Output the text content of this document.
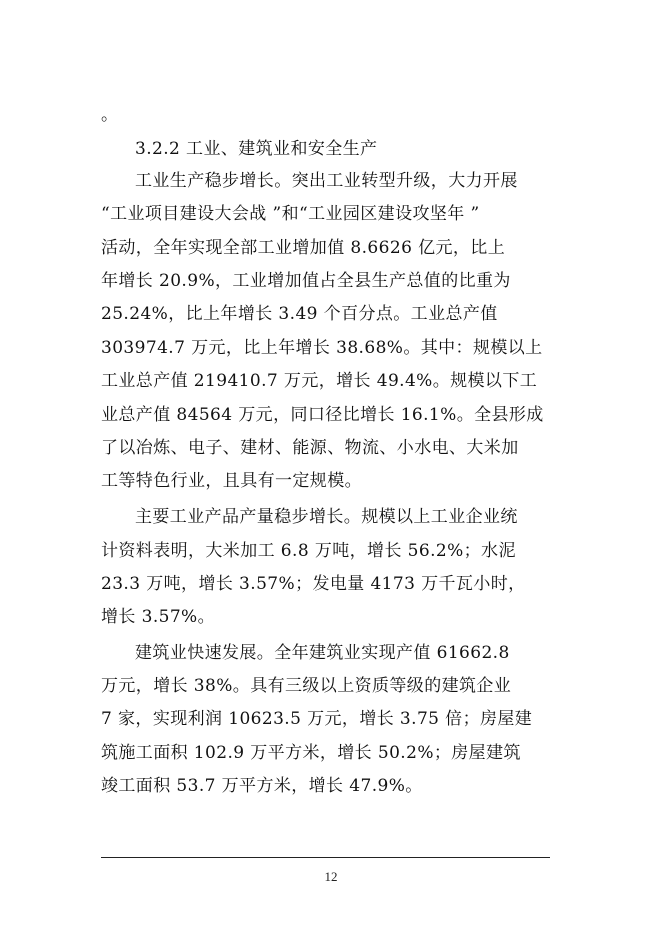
。
3.2.2 工业、建筑业和安全生产
工业生产稳步增长。突出工业转型升级，大力开展
“工业项目建设大会战 ”和“工业园区建设攻坚年 ”
活动，全年实现全部工业增加值 8.6626 亿元，比上
年增长 20.9%，工业增加值占全县生产总值的比重为
25.24%，比上年增长 3.49 个百分点。工业总产值
303974.7 万元，比上年增长 38.68%。其中：规模以上
工业总产值 219410.7 万元，增长 49.4%。规模以下工
业总产值 84564 万元，同口径比增长 16.1%。全县形成
了以冶炼、电子、建材、能源、物流、小水电、大米加
工等特色行业，且具有一定规模。
主要工业产品产量稳步增长。规模以上工业企业统
计资料表明，大米加工 6.8 万吨，增长 56.2%；水泥
23.3 万吨，增长 3.57%；发电量 4173 万千瓦小时，
增长 3.57%。
建筑业快速发展。全年建筑业实现产值 61662.8
万元，增长 38%。具有三级以上资质等级的建筑企业
7 家，实现利润 10623.5 万元，增长 3.75 倍；房屋建
筑施工面积 102.9 万平方米，增长 50.2%；房屋建筑
竣工面积 53.7 万平方米，增长 47.9%。
12
